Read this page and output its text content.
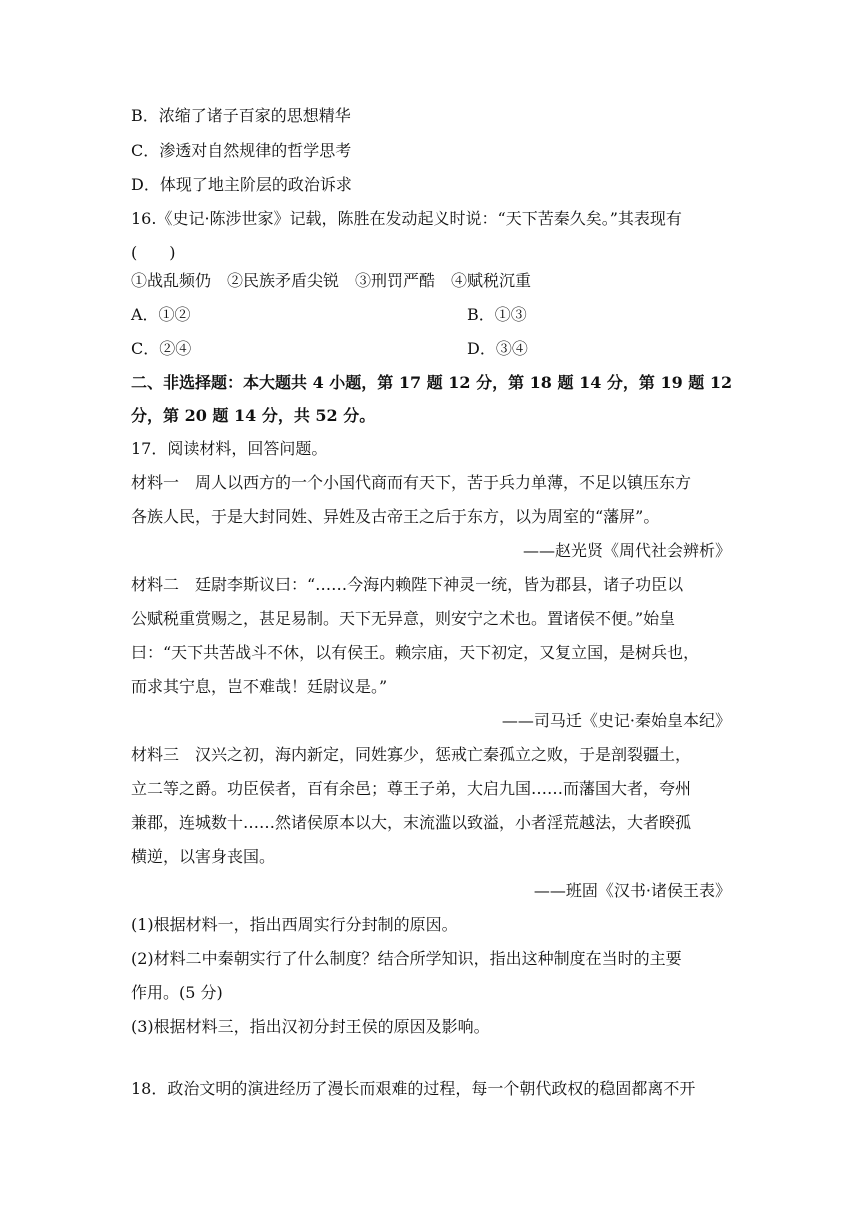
B．浓缩了诸子百家的思想精华
C．渗透对自然规律的哲学思考
D．体现了地主阶层的政治诉求
16.《史记·陈涉世家》记载，陈胜在发动起义时说：“天下苦秦久矣。”其表现有
(　　)
①战乱频仍　②民族矛盾尖锐　③刑罚严酷　④赋税沉重
A．①②	B．①③
C．②④	D．③④
二、非选择题：本大题共 4 小题，第 17 题 12 分，第 18 题 14 分，第 19 题 12
分，第 20 题 14 分，共 52 分。
17．阅读材料，回答问题。
材料一　周人以西方的一个小国代商而有天下，苦于兵力单薄，不足以镇压东方
各族人民，于是大封同姓、异姓及古帝王之后于东方，以为周室的“藩屏”。
——赵光贤《周代社会辨析》
材料二　廷尉李斯议曰：“……今海内赖陛下神灵一统，皆为郡县，诸子功臣以
公赋税重赏赐之，甚足易制。天下无异意，则安宁之术也。置诸侯不便。”始皇
曰：“天下共苦战斗不休，以有侯王。赖宗庙，天下初定，又复立国，是树兵也，
而求其宁息，岂不难哉！廷尉议是。”
——司马迁《史记·秦始皇本纪》
材料三　汉兴之初，海内新定，同姓寡少，惩戒亡秦孤立之败，于是剖裂疆土，
立二等之爵。功臣侯者，百有余邑；尊王子弟，大启九国……而藩国大者，夸州
兼郡，连城数十……然诸侯原本以大，末流滥以致溢，小者淫荒越法，大者睽孤
横逆，以害身丧国。
——班固《汉书·诸侯王表》
(1)根据材料一，指出西周实行分封制的原因。
(2)材料二中秦朝实行了什么制度？结合所学知识，指出这种制度在当时的主要
作用。(5 分)
(3)根据材料三，指出汉初分封王侯的原因及影响。
18．政治文明的演进经历了漫长而艰难的过程，每一个朝代政权的稳固都离不开
